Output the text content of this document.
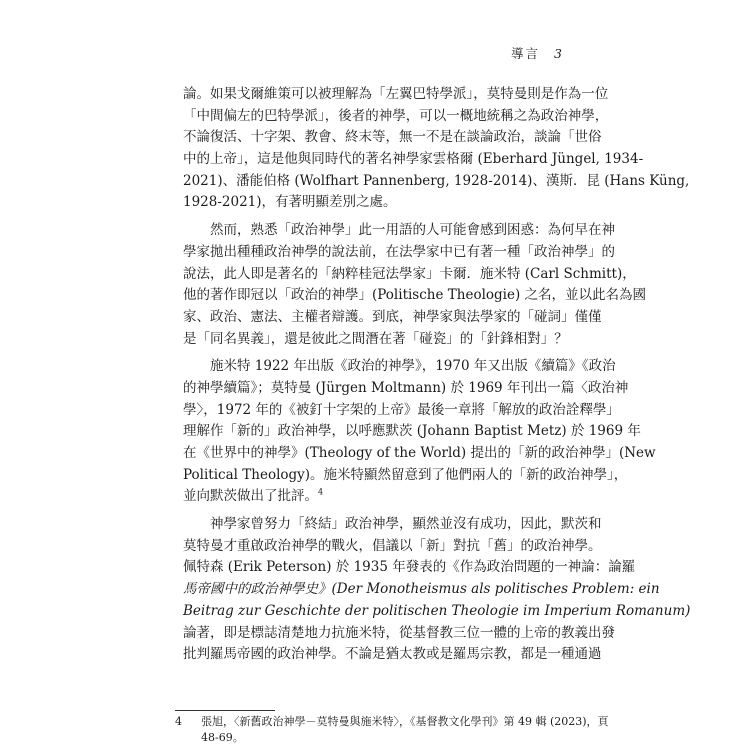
導言 3
論。如果戈爾維策可以被理解為「左翼巴特學派」，莫特曼則是作為一位
「中間偏左的巴特學派」，後者的神學，可以一概地統稱之為政治神學，
不論復活、十字架、教會、終末等，無一不是在談論政治，談論「世俗
中的上帝」，這是他與同時代的著名神學家雲格爾 (Eberhard Jüngel, 1934-
2021)、潘能伯格 (Wolfhart Pannenberg, 1928-2014)、漢斯．昆 (Hans Küng,
1928-2021)，有著明顯差別之處。
　　然而，熟悉「政治神學」此一用語的人可能會感到困惑：為何早在神
學家拋出種種政治神學的說法前，在法學家中已有著一種「政治神學」的
說法，此人即是著名的「納粹桂冠法學家」卡爾．施米特 (Carl Schmitt)，
他的著作即冠以「政治的神學」(Politische Theologie) 之名，並以此名為國
家、政治、憲法、主權者辯護。到底，神學家與法學家的「碰詞」僅僅
是「同名異義」，還是彼此之間潛在著「碰瓷」的「針鋒相對」？
　　施米特 1922 年出版《政治的神學》，1970 年又出版《續篇》《政治
的神學續篇》；莫特曼 (Jürgen Moltmann) 於 1969 年刊出一篇〈政治神
學〉，1972 年的《被釘十字架的上帝》最後一章將「解放的政治詮釋學」
理解作「新的」政治神學，以呼應默茨 (Johann Baptist Metz) 於 1969 年
在《世界中的神學》(Theology of the World) 提出的「新的政治神學」(New
Political Theology)。施米特顯然留意到了他們兩人的「新的政治神學」，
並向默茨做出了批評。$^4$
　　神學家曾努力「終結」政治神學，顯然並沒有成功，因此，默茨和
莫特曼才重啟政治神學的戰火，倡議以「新」對抗「舊」的政治神學。
佩特森 (Erik Peterson) 於 1935 年發表的《作為政治問題的一神論：論羅
馬帝國中的政治神學史》(Der Monotheismus als politisches Problem: ein
Beitrag zur Geschichte der politischen Theologie im Imperium Romanum)
論著，即是標誌清楚地力抗施米特，從基督教三位一體的上帝的教義出發
批判羅馬帝國的政治神學。不論是猶太教或是羅馬宗教，都是一種通過
4 張旭，〈新舊政治神學－莫特曼與施米特〉，《基督教文化學刊》第 49 輯 (2023)，頁
48-69。
